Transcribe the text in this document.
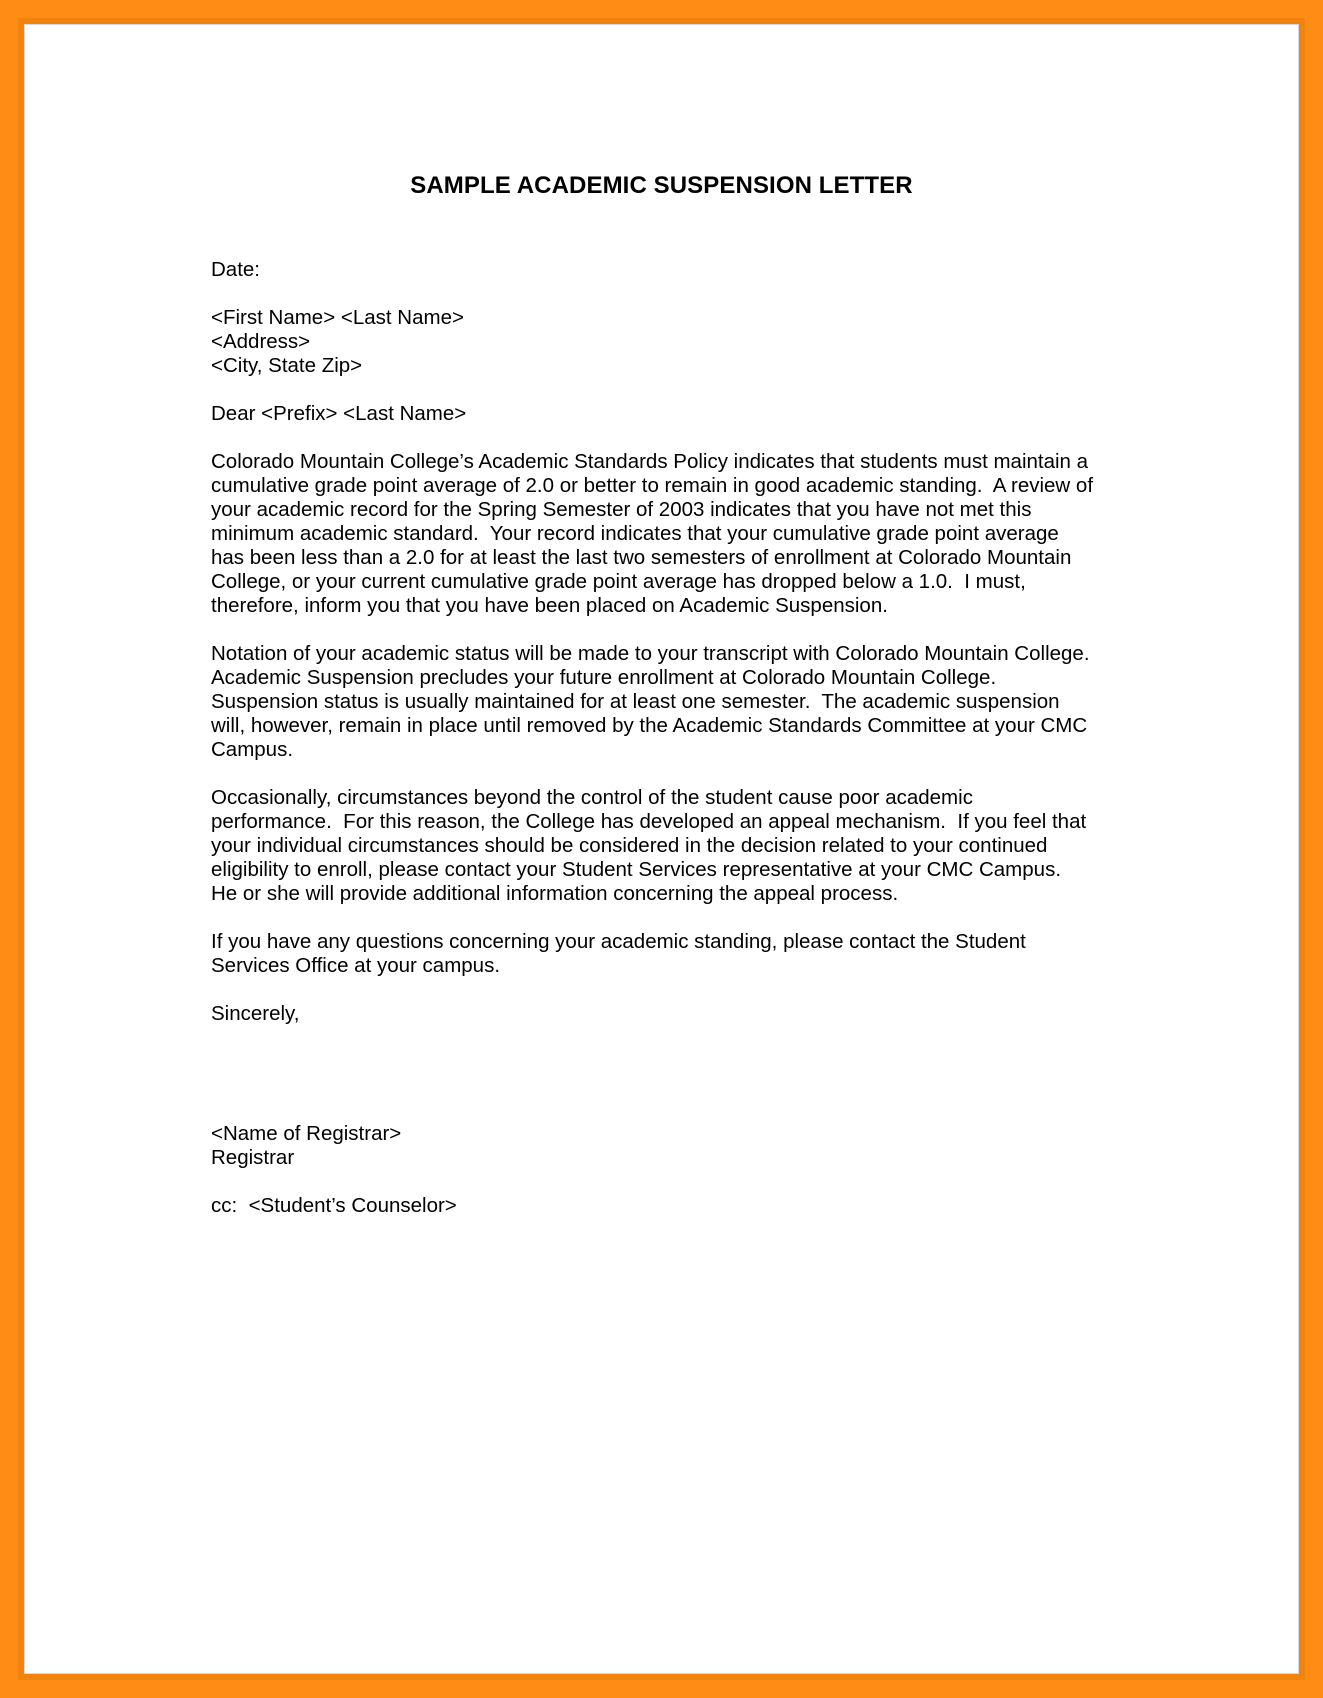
SAMPLE ACADEMIC SUSPENSION LETTER

Date:

<First Name> <Last Name>
<Address>
<City, State Zip>

Dear <Prefix> <Last Name>

Colorado Mountain College’s Academic Standards Policy indicates that students must maintain a
cumulative grade point average of 2.0 or better to remain in good academic standing.  A review of
your academic record for the Spring Semester of 2003 indicates that you have not met this
minimum academic standard.  Your record indicates that your cumulative grade point average
has been less than a 2.0 for at least the last two semesters of enrollment at Colorado Mountain
College, or your current cumulative grade point average has dropped below a 1.0.  I must,
therefore, inform you that you have been placed on Academic Suspension.

Notation of your academic status will be made to your transcript with Colorado Mountain College.
Academic Suspension precludes your future enrollment at Colorado Mountain College.
Suspension status is usually maintained for at least one semester.  The academic suspension
will, however, remain in place until removed by the Academic Standards Committee at your CMC
Campus.

Occasionally, circumstances beyond the control of the student cause poor academic
performance.  For this reason, the College has developed an appeal mechanism.  If you feel that
your individual circumstances should be considered in the decision related to your continued
eligibility to enroll, please contact your Student Services representative at your CMC Campus.
He or she will provide additional information concerning the appeal process.

If you have any questions concerning your academic standing, please contact the Student
Services Office at your campus.

Sincerely,

<Name of Registrar>
Registrar

cc:  <Student’s Counselor>
